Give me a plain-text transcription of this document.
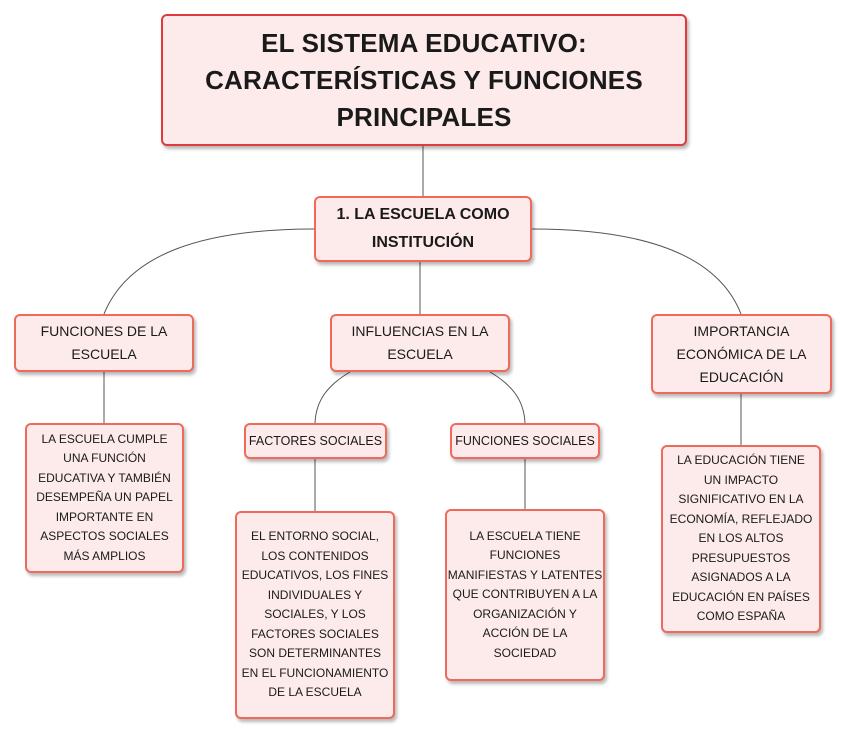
EL SISTEMA EDUCATIVO:
CARACTERÍSTICAS Y FUNCIONES
PRINCIPALES
1. LA ESCUELA COMO
INSTITUCIÓN
FUNCIONES DE LA
ESCUELA
INFLUENCIAS EN LA
ESCUELA
IMPORTANCIA
ECONÓMICA DE LA
EDUCACIÓN
FACTORES SOCIALES	FUNCIONES SOCIALES
LA ESCUELA CUMPLE
UNA FUNCIÓN
EDUCATIVA Y TAMBIÉN
DESEMPEÑA UN PAPEL
IMPORTANTE EN
ASPECTOS SOCIALES
MÁS AMPLIOS
EL ENTORNO SOCIAL,
LOS CONTENIDOS
EDUCATIVOS, LOS FINES
INDIVIDUALES Y
SOCIALES, Y LOS
FACTORES SOCIALES
SON DETERMINANTES
EN EL FUNCIONAMIENTO
DE LA ESCUELA
LA ESCUELA TIENE
FUNCIONES
MANIFIESTAS Y LATENTES
QUE CONTRIBUYEN A LA
ORGANIZACIÓN Y
ACCIÓN DE LA
SOCIEDAD
LA EDUCACIÓN TIENE
UN IMPACTO
SIGNIFICATIVO EN LA
ECONOMÍA, REFLEJADO
EN LOS ALTOS
PRESUPUESTOS
ASIGNADOS A LA
EDUCACIÓN EN PAÍSES
COMO ESPAÑA
